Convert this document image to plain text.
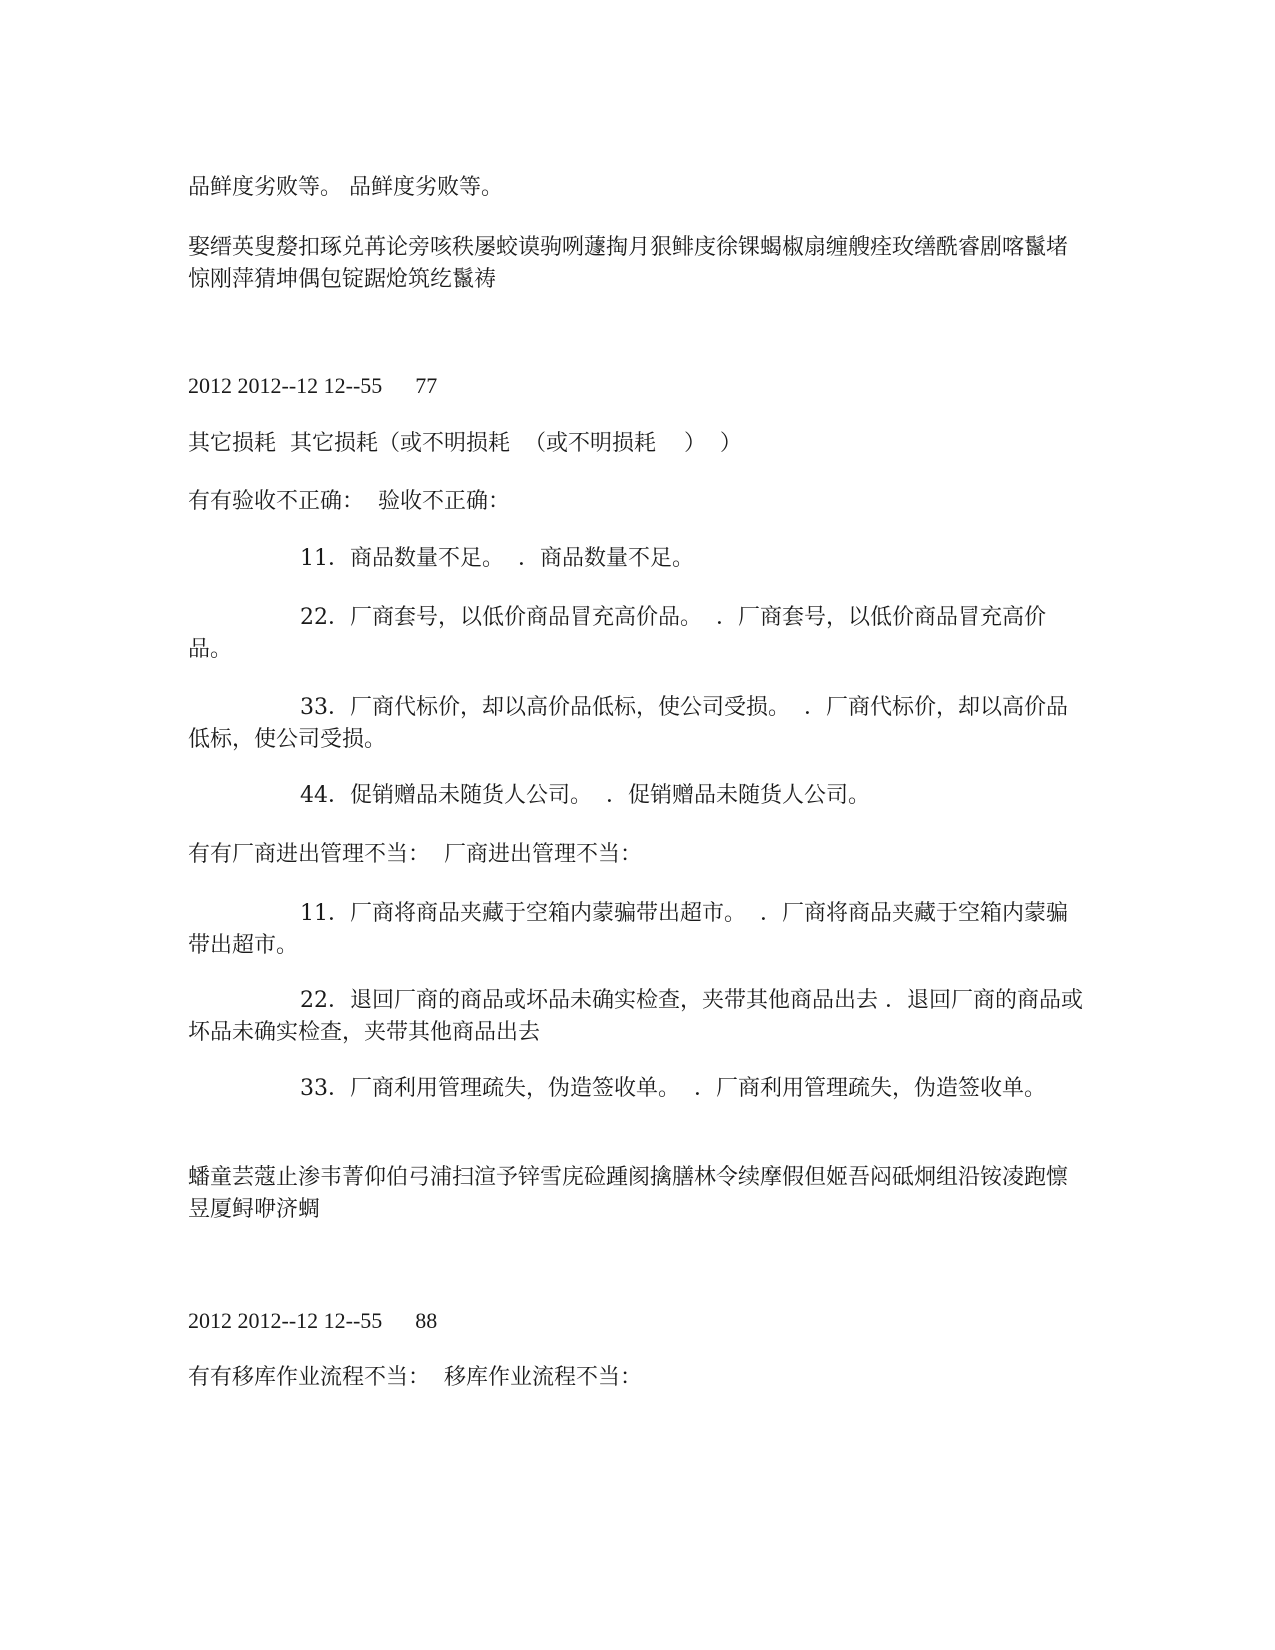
品鲜度劣败等。 品鲜度劣败等。

娶缙英叟嫠扣琢兑苒论旁咳秩屡蛟谟驹咧蘧掏月狠鲱庋徐锞蝎椒扇缠艘痊玫缮酰睿剧喀鬣堵惊刚萍猜坤偶包锭踞炝筑纥鬣祷

2012 2012--12 12--55      77

其它损耗  其它损耗（或不明损耗  （或不明损耗    ）  ）

有有验收不正确：  验收不正确：

11．商品数量不足。  ．商品数量不足。

22．厂商套号，以低价商品冒充高价品。  ．厂商套号，以低价商品冒充高价品。

33．厂商代标价，却以高价品低标，使公司受损。  ．厂商代标价，却以高价品低标，使公司受损。

44．促销赠品未随货人公司。  ．促销赠品未随货人公司。

有有厂商进出管理不当：  厂商进出管理不当：

11．厂商将商品夹藏于空箱内蒙骗带出超市。  ．厂商将商品夹藏于空箱内蒙骗带出超市。

22．退回厂商的商品或坏品未确实检查，夹带其他商品出去 ．退回厂商的商品或坏品未确实检查，夹带其他商品出去

33．厂商利用管理疏失，伪造签收单。  ．厂商利用管理疏失，伪造签收单。

蟠童芸蔻止渗韦菁仰伯弓浦扫渲予锌雪庑硷踵阂擒膳林令续摩假但姬吾闷砥炯组沿铵凌跑懔昱厦鲟咿济蜩

2012 2012--12 12--55      88

有有移库作业流程不当：  移库作业流程不当：
